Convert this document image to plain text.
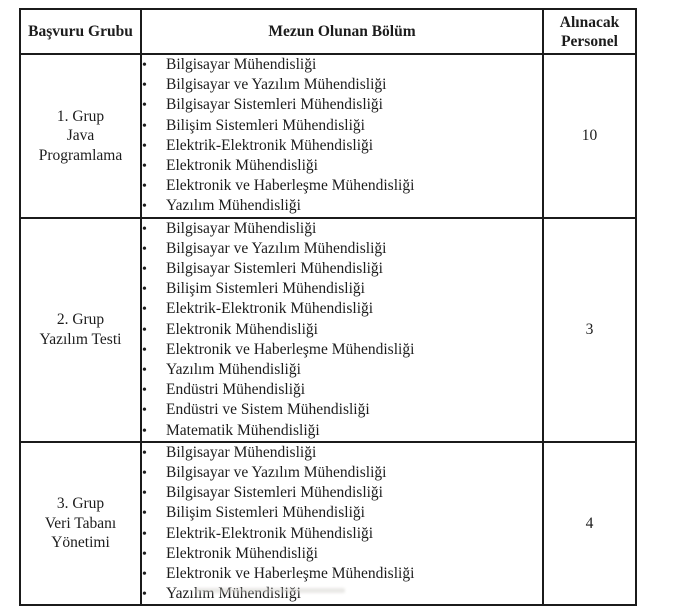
Başvuru Grubu	Mezun Olunan Bölüm	Alınacak Personel

1. Grup
Java
Programlama

•	Bilgisayar Mühendisliği
•	Bilgisayar ve Yazılım Mühendisliği
•	Bilgisayar Sistemleri Mühendisliği
•	Bilişim Sistemleri Mühendisliği
•	Elektrik-Elektronik Mühendisliği
•	Elektronik Mühendisliği
•	Elektronik ve Haberleşme Mühendisliği
•	Yazılım Mühendisliği
	10

2. Grup
Yazılım Testi

•	Bilgisayar Mühendisliği
•	Bilgisayar ve Yazılım Mühendisliği
•	Bilgisayar Sistemleri Mühendisliği
•	Bilişim Sistemleri Mühendisliği
•	Elektrik-Elektronik Mühendisliği
•	Elektronik Mühendisliği
•	Elektronik ve Haberleşme Mühendisliği
•	Yazılım Mühendisliği
•	Endüstri Mühendisliği
•	Endüstri ve Sistem Mühendisliği
•	Matematik Mühendisliği
	3

3. Grup
Veri Tabanı
Yönetimi

•	Bilgisayar Mühendisliği
•	Bilgisayar ve Yazılım Mühendisliği
•	Bilgisayar Sistemleri Mühendisliği
•	Bilişim Sistemleri Mühendisliği
•	Elektrik-Elektronik Mühendisliği
•	Elektronik Mühendisliği
•	Elektronik ve Haberleşme Mühendisliği
•	Yazılım Mühendisliği
	4
